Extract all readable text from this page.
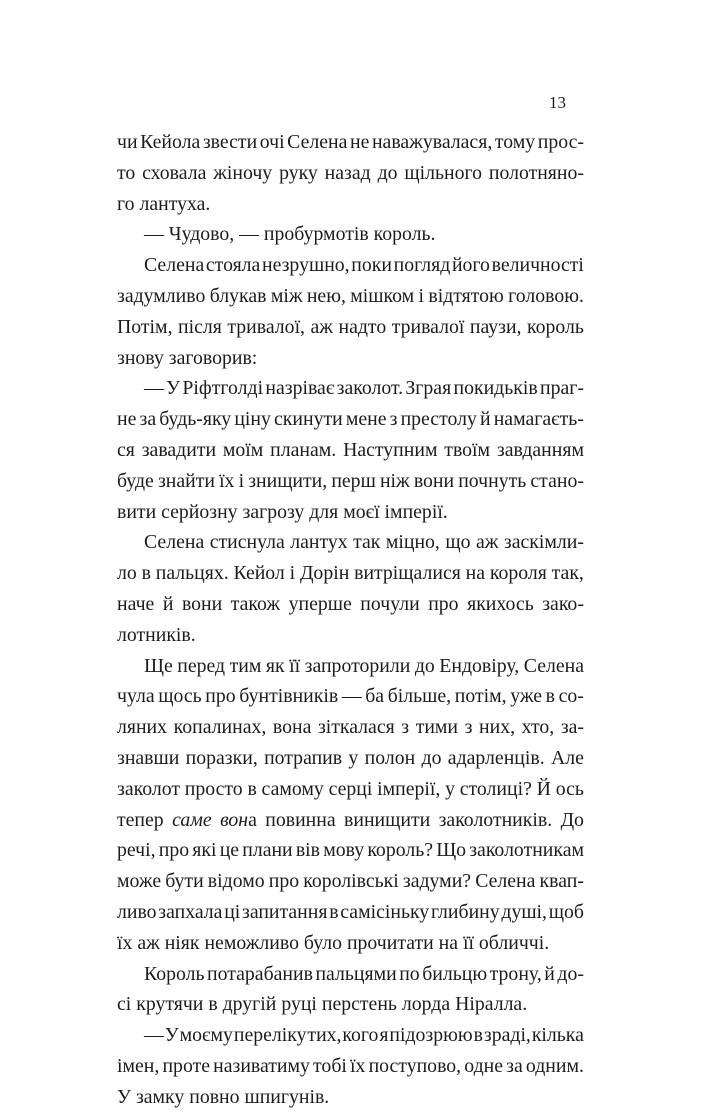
13
чи Кейола звести очі Селена не наважувалася, тому прос-
то сховала жіночу руку назад до щільного полотняно-
го лантуха.
— Чудово, — пробурмотів король.
Селена стояла незрушно, поки погляд його величності
задумливо блукав між нею, мішком і відтятою головою.
Потім, після тривалої, аж надто тривалої паузи, король
знову заговорив:
— У Ріфтголді назріває заколот. Зграя покидьків праг-
не за будь-яку ціну скинути мене з престолу й намагаєть-
ся завадити моїм планам. Наступним твоїм завданням
буде знайти їх і знищити, перш ніж вони почнуть стано-
вити серйозну загрозу для моєї імперії.
Селена стиснула лантух так міцно, що аж заскімли-
ло в пальцях. Кейол і Дорін витріщалися на короля так,
наче й вони також уперше почули про якихось зако-
лотників.
Ще перед тим як її запроторили до Ендовіру, Селена
чула щось про бунтівників — ба більше, потім, уже в со-
ляних копалинах, вона зіткалася з тими з них, хто, за-
знавши поразки, потрапив у полон до адарленців. Але
заколот просто в самому серці імперії, у столиці? Й ось
тепер саме вона повинна винищити заколотників. До
речі, про які це плани вів мову король? Що заколотникам
може бути відомо про королівські задуми? Селена квап-
ливо запхала ці запитання в самісіньку глибину душі, щоб
їх аж ніяк неможливо було прочитати на її обличчі.
Король потарабанив пальцями по бильцю трону, й до-
сі крутячи в другій руці перстень лорда Ніралла.
— У моєму переліку тих, кого я підозрюю в зраді, кілька
імен, проте називатиму тобі їх поступово, одне за одним.
У замку повно шпигунів.
